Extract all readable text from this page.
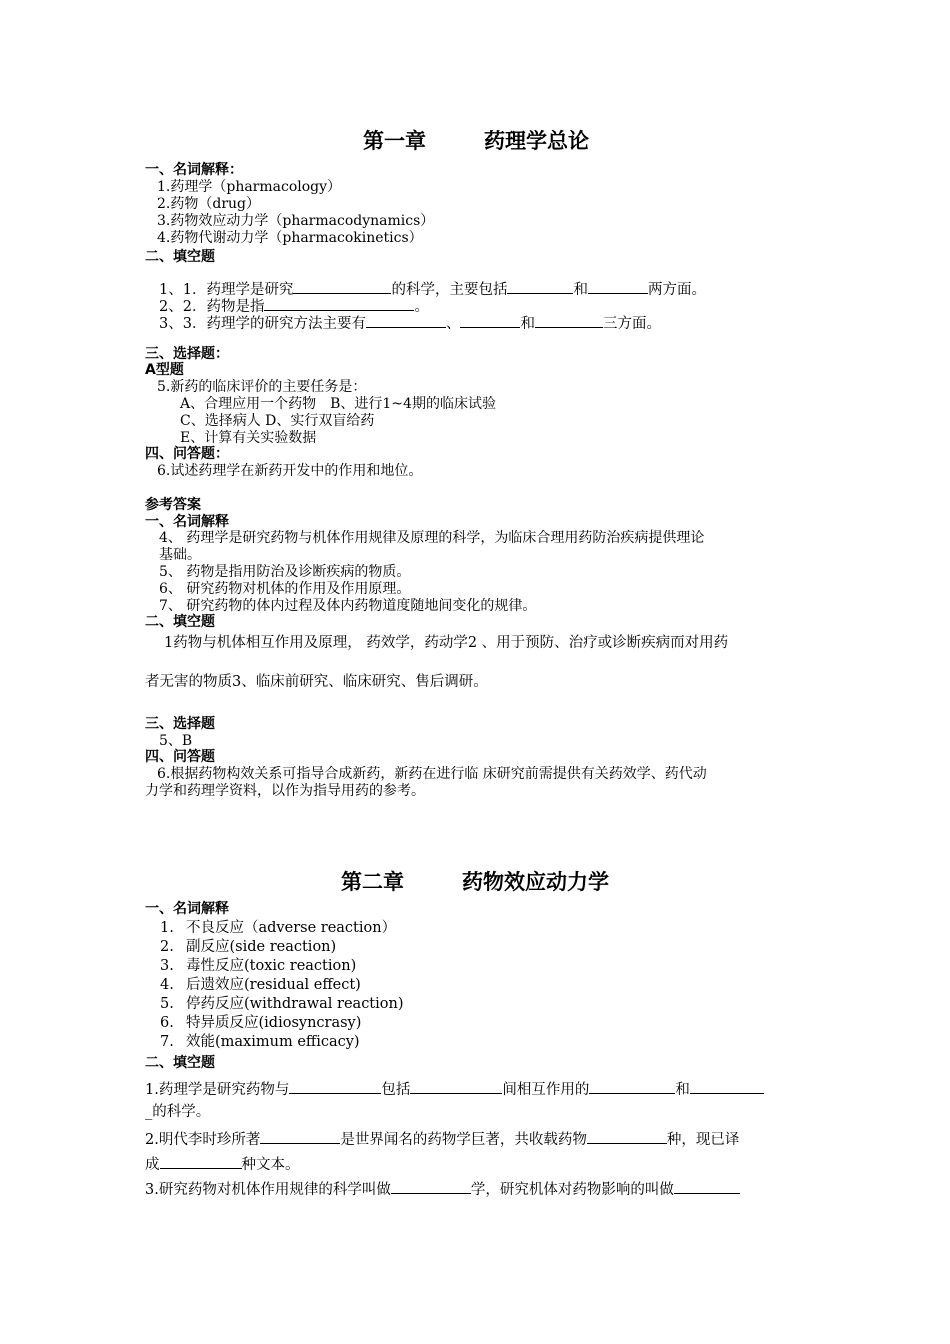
第一章	药理学总论
一、名词解释：
1.药理学（pharmacology）
2.药物（drug）
3.药物效应动力学（pharmacodynamics）
4.药物代谢动力学（pharmacokinetics）
二、填空题
1、1．药理学是研究	的科学，主要包括	和	两方面。
2、2．药物是指	。
3、3．药理学的研究方法主要有	、	和	三方面。
三、选择题：
A型题
5.新药的临床评价的主要任务是：
A、合理应用一个药物　B、进行1~4期的临床试验
C、选择病人 D、实行双盲给药
E、计算有关实验数据
四、问答题：
6.试述药理学在新药开发中的作用和地位。
参考答案
一、名词解释
4、 药理学是研究药物与机体作用规律及原理的科学，为临床合理用药防治疾病提供理论
基础。
5、 药物是指用防治及诊断疾病的物质。
6、 研究药物对机体的作用及作用原理。
7、 研究药物的体内过程及体内药物道度随地间变化的规律。
二、填空题
1药物与机体相互作用及原理， 药效学，药动学2 、用于预防、治疗或诊断疾病而对用药
者无害的物质3、临床前研究、临床研究、售后调研。
三、选择题
5、B
四、问答题
6.根据药物构效关系可指导合成新药，新药在进行临 床研究前需提供有关药效学、药代动
力学和药理学资料，以作为指导用药的参考。
第二章	药物效应动力学
一、名词解释
1. 不良反应（adverse reaction）
2. 副反应(side reaction)
3. 毒性反应(toxic reaction)
4. 后遗效应(residual effect)
5. 停药反应(withdrawal reaction)
6. 特异质反应(idiosyncrasy)
7. 效能(maximum efficacy)
二、填空题
1.药理学是研究药物与	包括	间相互作用的	和
_的科学。
2.明代李时珍所著	是世界闻名的药物学巨著，共收载药物	种，现已译
成	种文本。
3.研究药物对机体作用规律的科学叫做	学，研究机体对药物影响的叫做
